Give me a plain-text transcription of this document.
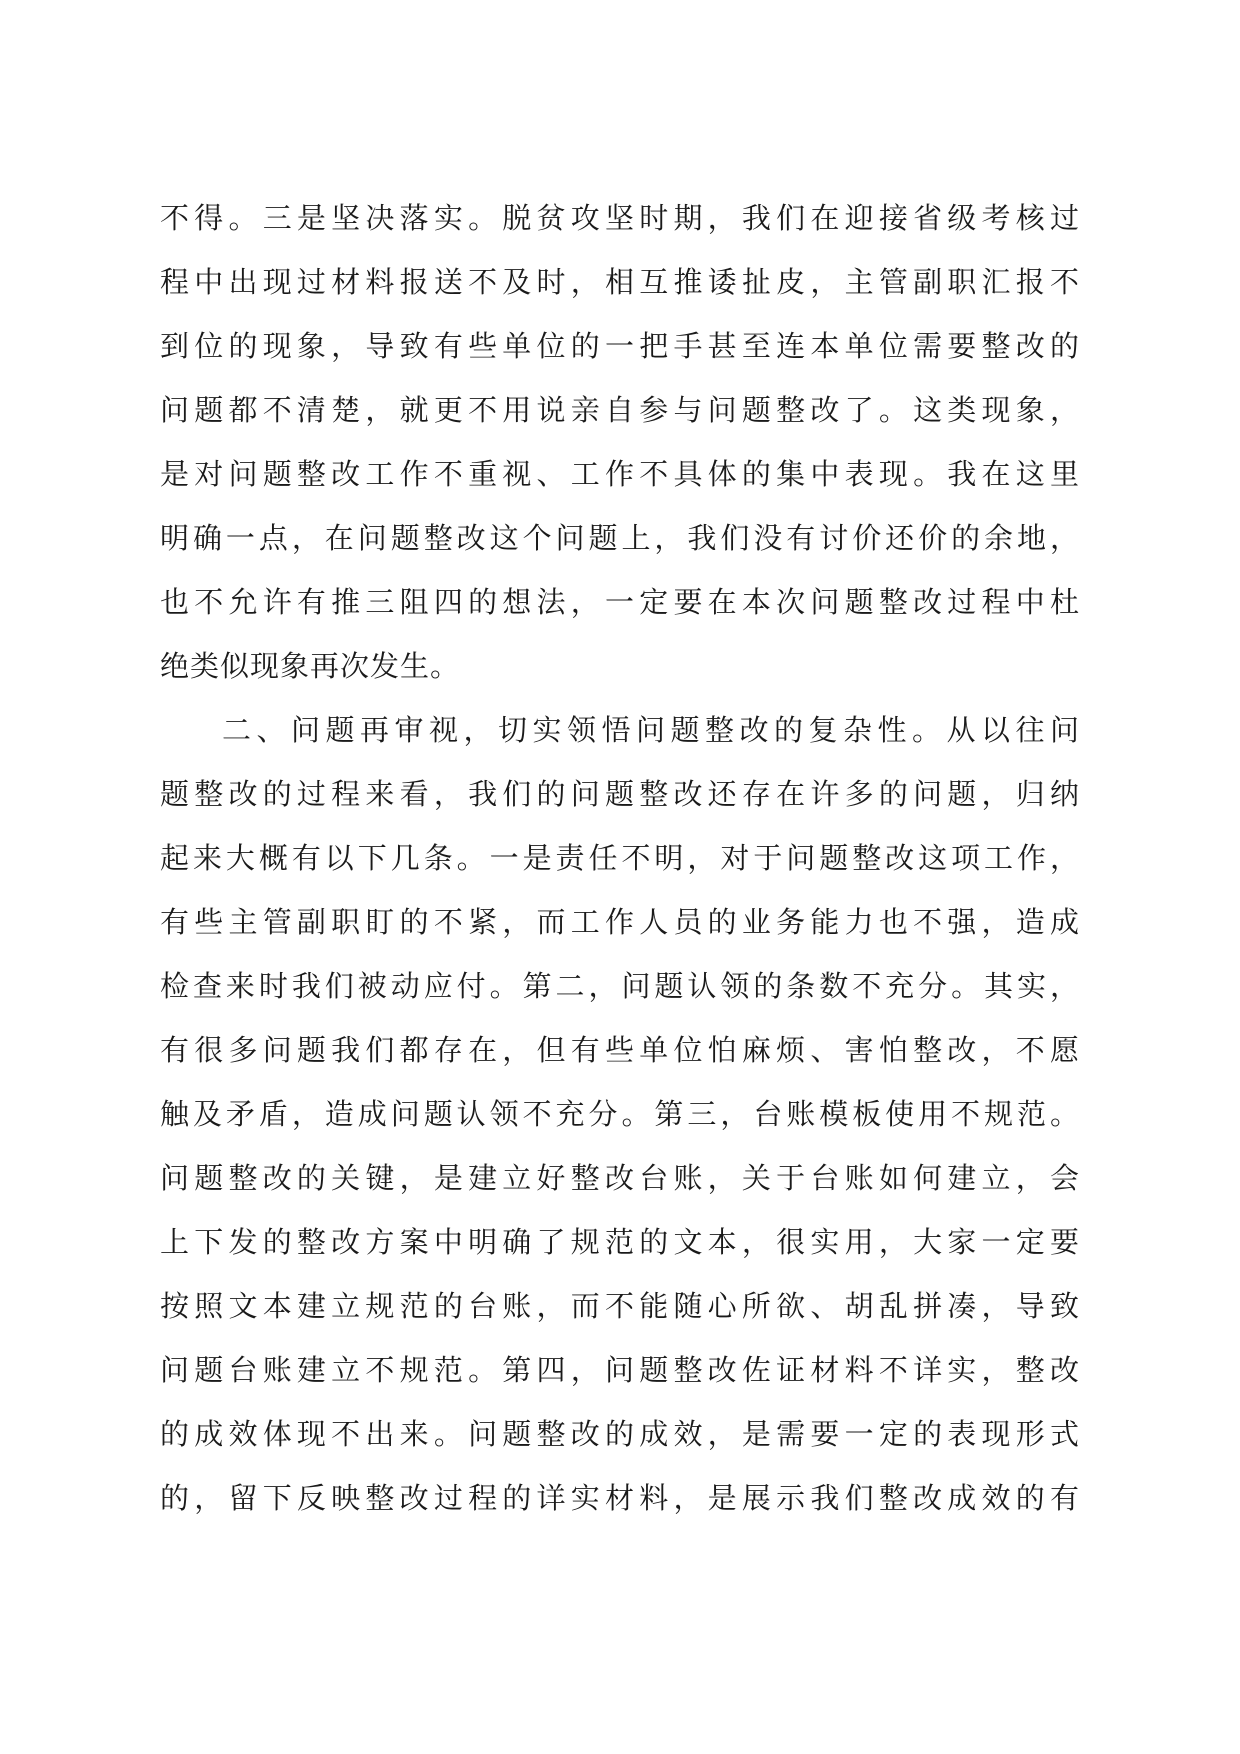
不得。三是坚决落实。脱贫攻坚时期，我们在迎接省级考核过
程中出现过材料报送不及时，相互推诿扯皮，主管副职汇报不
到位的现象，导致有些单位的一把手甚至连本单位需要整改的
问题都不清楚，就更不用说亲自参与问题整改了。这类现象，
是对问题整改工作不重视、工作不具体的集中表现。我在这里
明确一点，在问题整改这个问题上，我们没有讨价还价的余地，
也不允许有推三阻四的想法，一定要在本次问题整改过程中杜
绝类似现象再次发生。
二、问题再审视，切实领悟问题整改的复杂性。从以往问
题整改的过程来看，我们的问题整改还存在许多的问题，归纳
起来大概有以下几条。一是责任不明，对于问题整改这项工作，
有些主管副职盯的不紧，而工作人员的业务能力也不强，造成
检查来时我们被动应付。第二，问题认领的条数不充分。其实，
有很多问题我们都存在，但有些单位怕麻烦、害怕整改，不愿
触及矛盾，造成问题认领不充分。第三，台账模板使用不规范。
问题整改的关键，是建立好整改台账，关于台账如何建立，会
上下发的整改方案中明确了规范的文本，很实用，大家一定要
按照文本建立规范的台账，而不能随心所欲、胡乱拼凑，导致
问题台账建立不规范。第四，问题整改佐证材料不详实，整改
的成效体现不出来。问题整改的成效，是需要一定的表现形式
的，留下反映整改过程的详实材料，是展示我们整改成效的有
